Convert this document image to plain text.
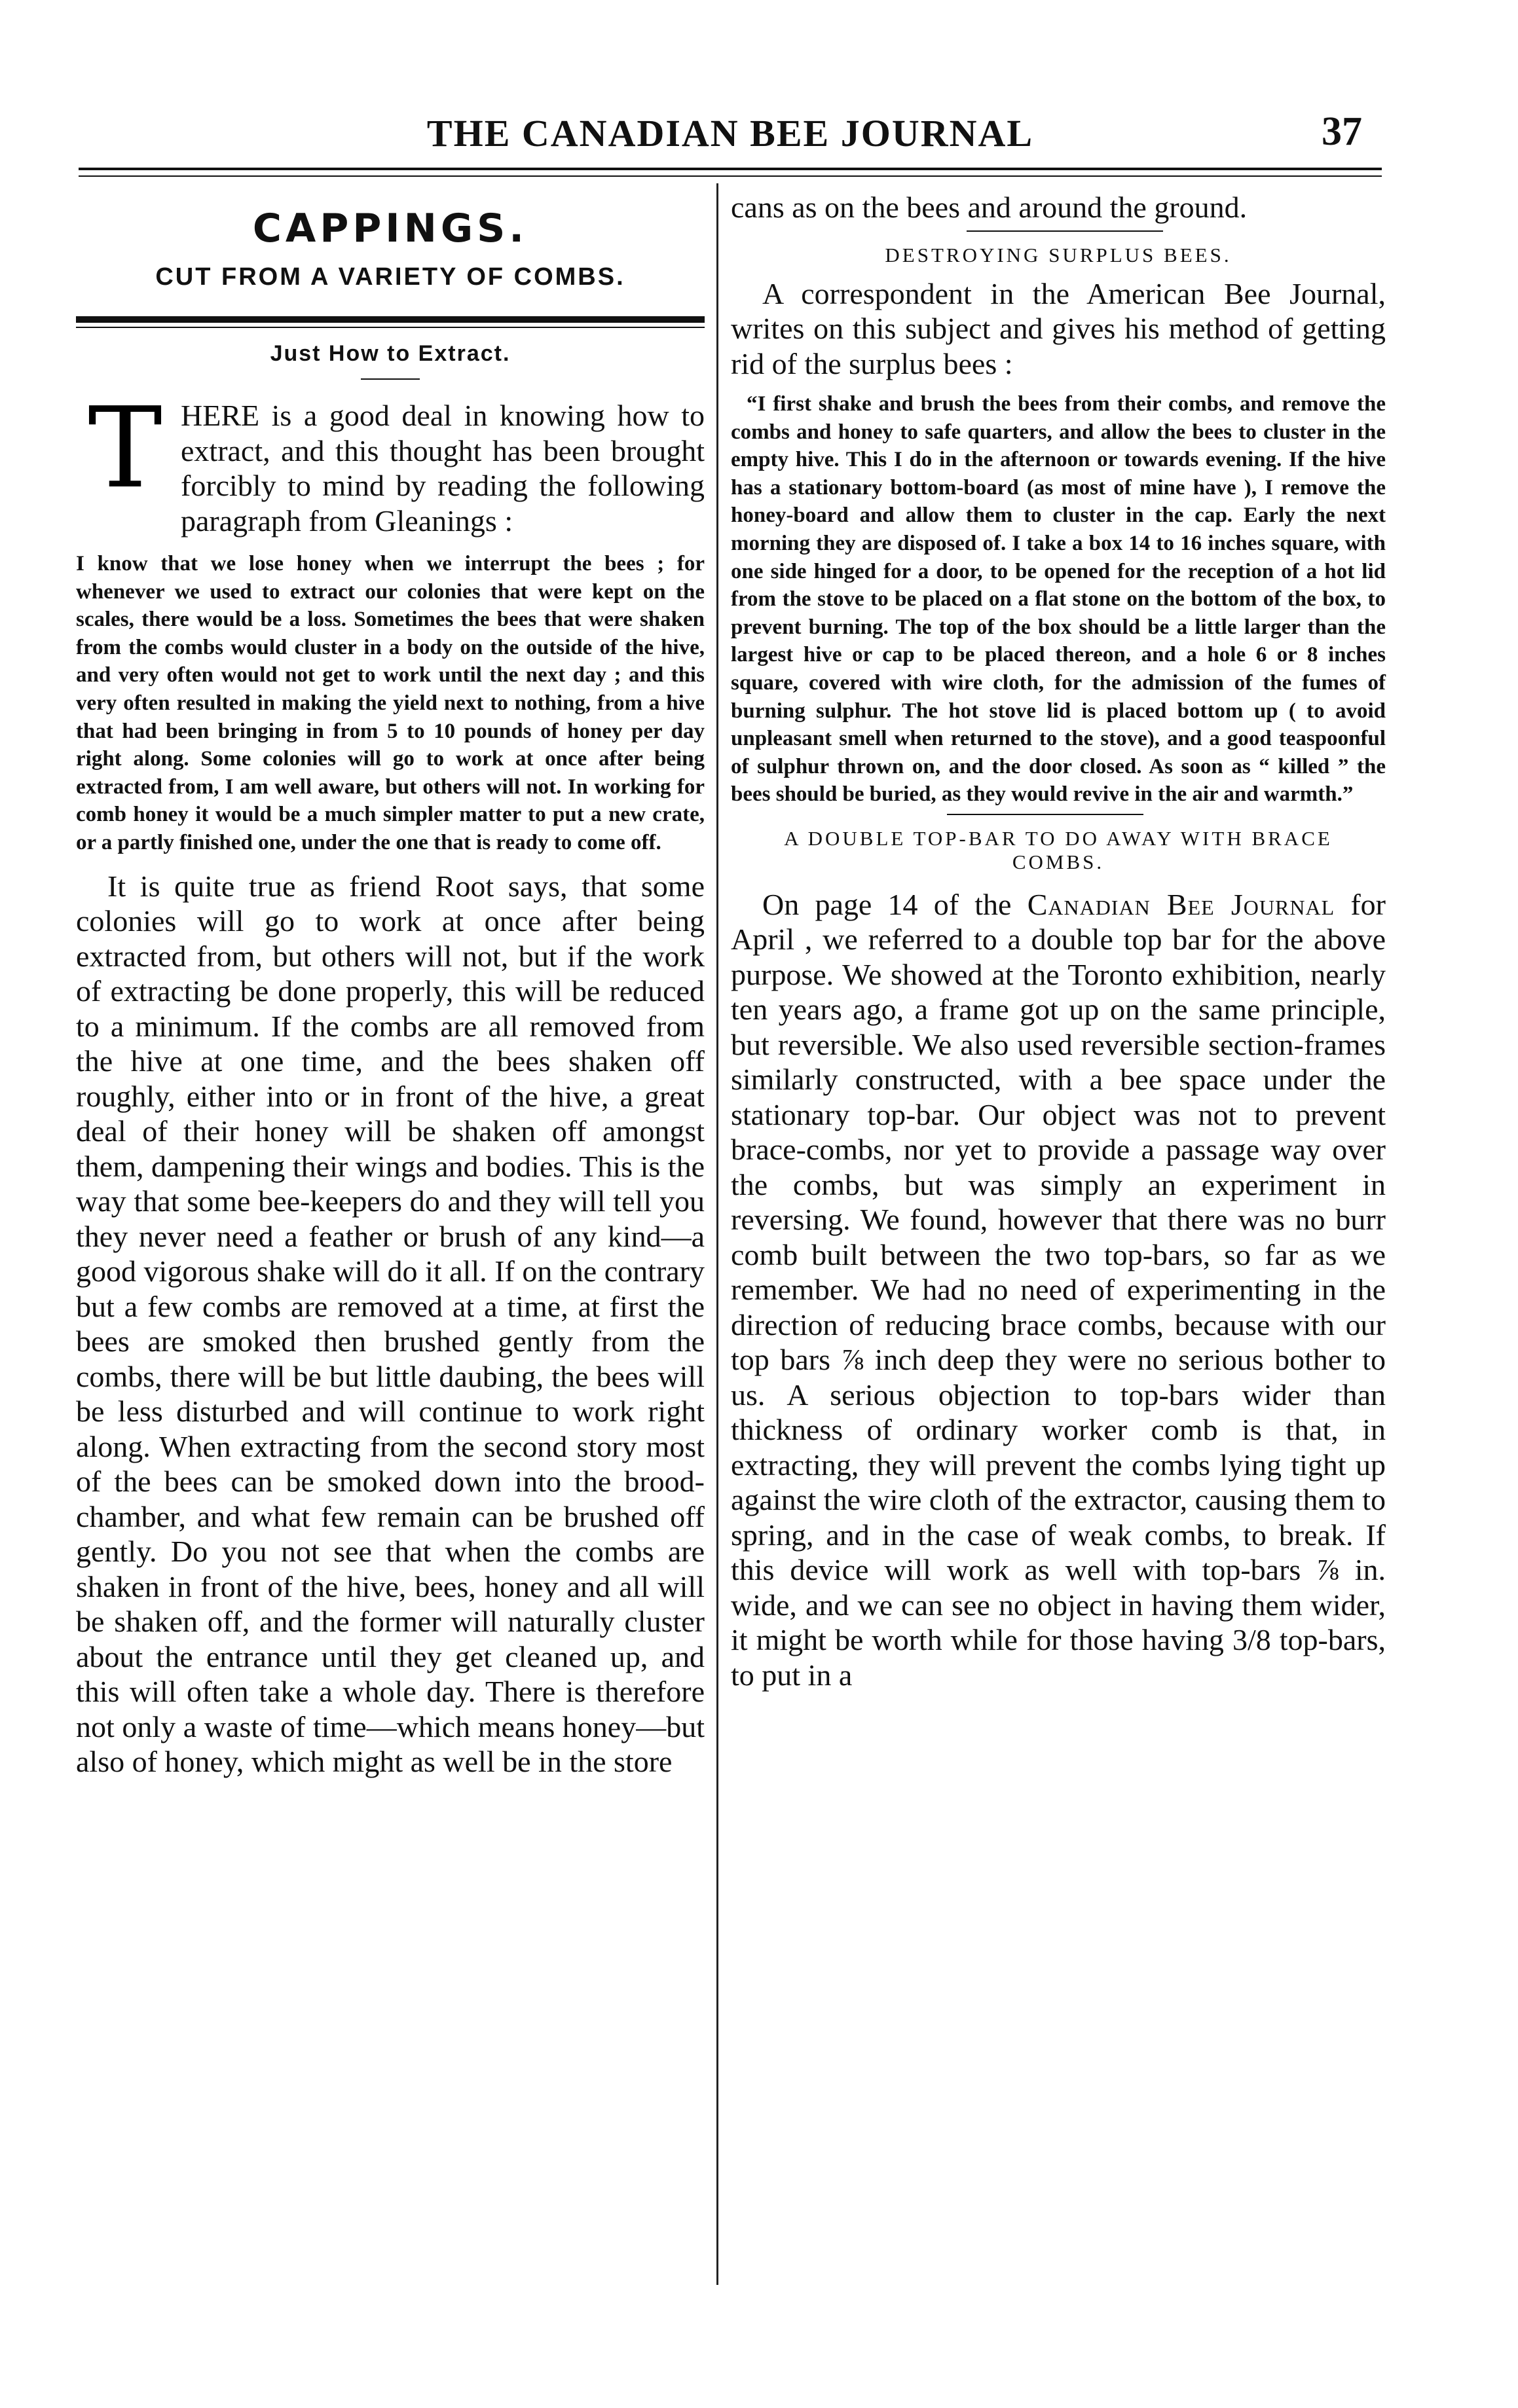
THE CANADIAN BEE JOURNAL	37
CAPPINGS.
CUT FROM A VARIETY OF COMBS.
Just How to Extract.
T HERE is a good deal in knowing how to extract, and this thought has been brought forcibly to mind by reading the following paragraph from Gleanings :

I know that we lose honey when we interrupt the bees ; for whenever we used to extract our colonies that were kept on the scales, there would be a loss. Sometimes the bees that were shaken from the combs would cluster in a body on the outside of the hive, and very often would not get to work until the next day ; and this very often resulted in making the yield next to nothing, from a hive that had been bringing in from 5 to 10 pounds of honey per day right along. Some colonies will go to work at once after being extracted from, I am well aware, but others will not. In working for comb honey it would be a much simpler matter to put a new crate, or a partly finished one, under the one that is ready to come off.

It is quite true as friend Root says, that some colonies will go to work at once after being extracted from, but others will not, but if the work of extracting be done properly, this will be reduced to a minimum. If the combs are all removed from the hive at one time, and the bees shaken off roughly, either into or in front of the hive, a great deal of their honey will be shaken off amongst them, dampening their wings and bodies. This is the way that some bee-keepers do and they will tell you they never need a feather or brush of any kind—a good vigorous shake will do it all. If on the contrary but a few combs are removed at a time, at first the bees are smoked then brushed gently from the combs, there will be but little daubing, the bees will be less disturbed and will continue to work right along. When extracting from the second story most of the bees can be smoked down into the brood-chamber, and what few remain can be brushed off gently. Do you not see that when the combs are shaken in front of the hive, bees, honey and all will be shaken off, and the former will naturally cluster about the entrance until they get cleaned up, and this will often take a whole day. There is therefore not only a waste of time—which means honey—but also of honey, which might as well be in the store

cans as on the bees and around the ground.

DESTROYING SURPLUS BEES.

A correspondent in the American Bee Journal, writes on this subject and gives his method of getting rid of the surplus bees :

“I first shake and brush the bees from their combs, and remove the combs and honey to safe quarters, and allow the bees to cluster in the empty hive. This I do in the afternoon or towards evening. If the hive has a stationary bottom-board (as most of mine have ), I remove the honey-board and allow them to cluster in the cap. Early the next morning they are disposed of. I take a box 14 to 16 inches square, with one side hinged for a door, to be opened for the reception of a hot lid from the stove to be placed on a flat stone on the bottom of the box, to prevent burning. The top of the box should be a little larger than the largest hive or cap to be placed thereon, and a hole 6 or 8 inches square, covered with wire cloth, for the admission of the fumes of burning sulphur. The hot stove lid is placed bottom up ( to avoid unpleasant smell when returned to the stove), and a good teaspoonful of sulphur thrown on, and the door closed. As soon as “ killed ” the bees should be buried, as they would revive in the air and warmth.”

A DOUBLE TOP-BAR TO DO AWAY WITH BRACE COMBS.

On page 14 of the Canadian Bee Journal for April , we referred to a double top bar for the above purpose. We showed at the Toronto exhibition, nearly ten years ago, a frame got up on the same principle, but reversible. We also used reversible section-frames similarly constructed, with a bee space under the stationary top-bar. Our object was not to prevent brace-combs, nor yet to provide a passage way over the combs, but was simply an experiment in reversing. We found, however that there was no burr comb built between the two top-bars, so far as we remember. We had no need of experimenting in the direction of reducing brace combs, because with our top bars ⅞ inch deep they were no serious bother to us. A serious objection to top-bars wider than thickness of ordinary worker comb is that, in extracting, they will prevent the combs lying tight up against the wire cloth of the extractor, causing them to spring, and in the case of weak combs, to break. If this device will work as well with top-bars ⅞ in. wide, and we can see no object in having them wider, it might be worth while for those having 3/8 top-bars, to put in a
